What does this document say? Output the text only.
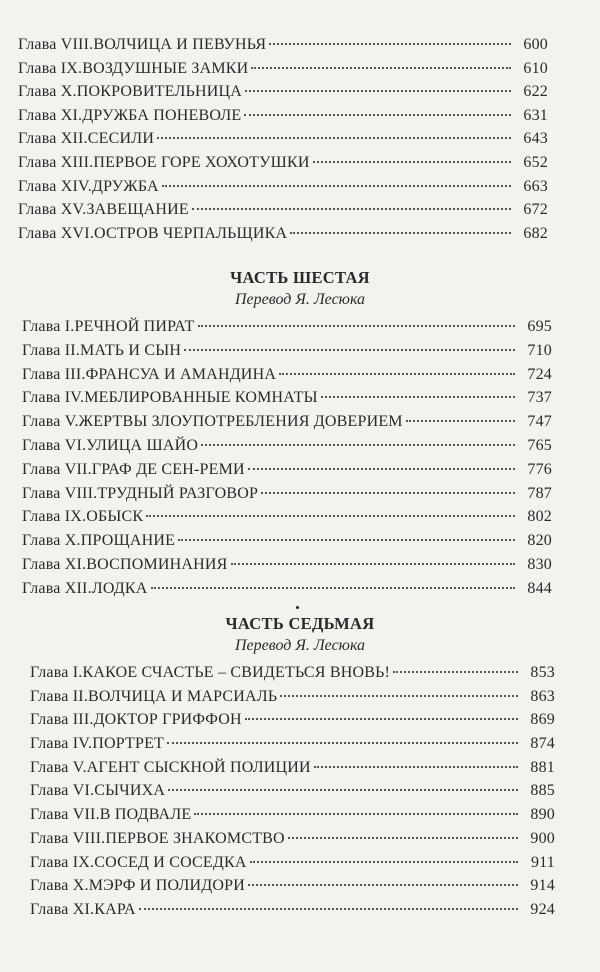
Глава VIII. ВОЛЧИЦА И ПЕВУНЬЯ	600
Глава IX. ВОЗДУШНЫЕ ЗАМКИ	610
Глава X. ПОКРОВИТЕЛЬНИЦА	622
Глава XI. ДРУЖБА ПОНЕВОЛЕ	631
Глава XII. СЕСИЛИ	643
Глава XIII. ПЕРВОЕ ГОРЕ ХОХОТУШКИ	652
Глава XIV. ДРУЖБА	663
Глава XV. ЗАВЕЩАНИЕ	672
Глава XVI. ОСТРОВ ЧЕРПАЛЬЩИКА	682
ЧАСТЬ ШЕСТАЯ
Перевод Я. Лесюка
Глава I. РЕЧНОЙ ПИРАТ	695
Глава II. МАТЬ И СЫН	710
Глава III. ФРАНСУА И АМАНДИНА	724
Глава IV. МЕБЛИРОВАННЫЕ КОМНАТЫ	737
Глава V. ЖЕРТВЫ ЗЛОУПОТРЕБЛЕНИЯ ДОВЕРИЕМ	747
Глава VI. УЛИЦА ШАЙО	765
Глава VII. ГРАФ ДЕ СЕН-РЕМИ	776
Глава VIII. ТРУДНЫЙ РАЗГОВОР	787
Глава IX. ОБЫСК	802
Глава X. ПРОЩАНИЕ	820
Глава XI. ВОСПОМИНАНИЯ	830
Глава XII. ЛОДКА	844
ЧАСТЬ СЕДЬМАЯ
Перевод Я. Лесюка
Глава I. КАКОЕ СЧАСТЬЕ – СВИДЕТЬСЯ ВНОВЬ!	853
Глава II. ВОЛЧИЦА И МАРСИАЛЬ	863
Глава III. ДОКТОР ГРИФФОН	869
Глава IV. ПОРТРЕТ	874
Глава V. АГЕНТ СЫСКНОЙ ПОЛИЦИИ	881
Глава VI. СЫЧИХА	885
Глава VII. В ПОДВАЛЕ	890
Глава VIII. ПЕРВОЕ ЗНАКОМСТВО	900
Глава IX. СОСЕД И СОСЕДКА	911
Глава X. МЭРФ И ПОЛИДОРИ	914
Глава XI. КАРА	924
